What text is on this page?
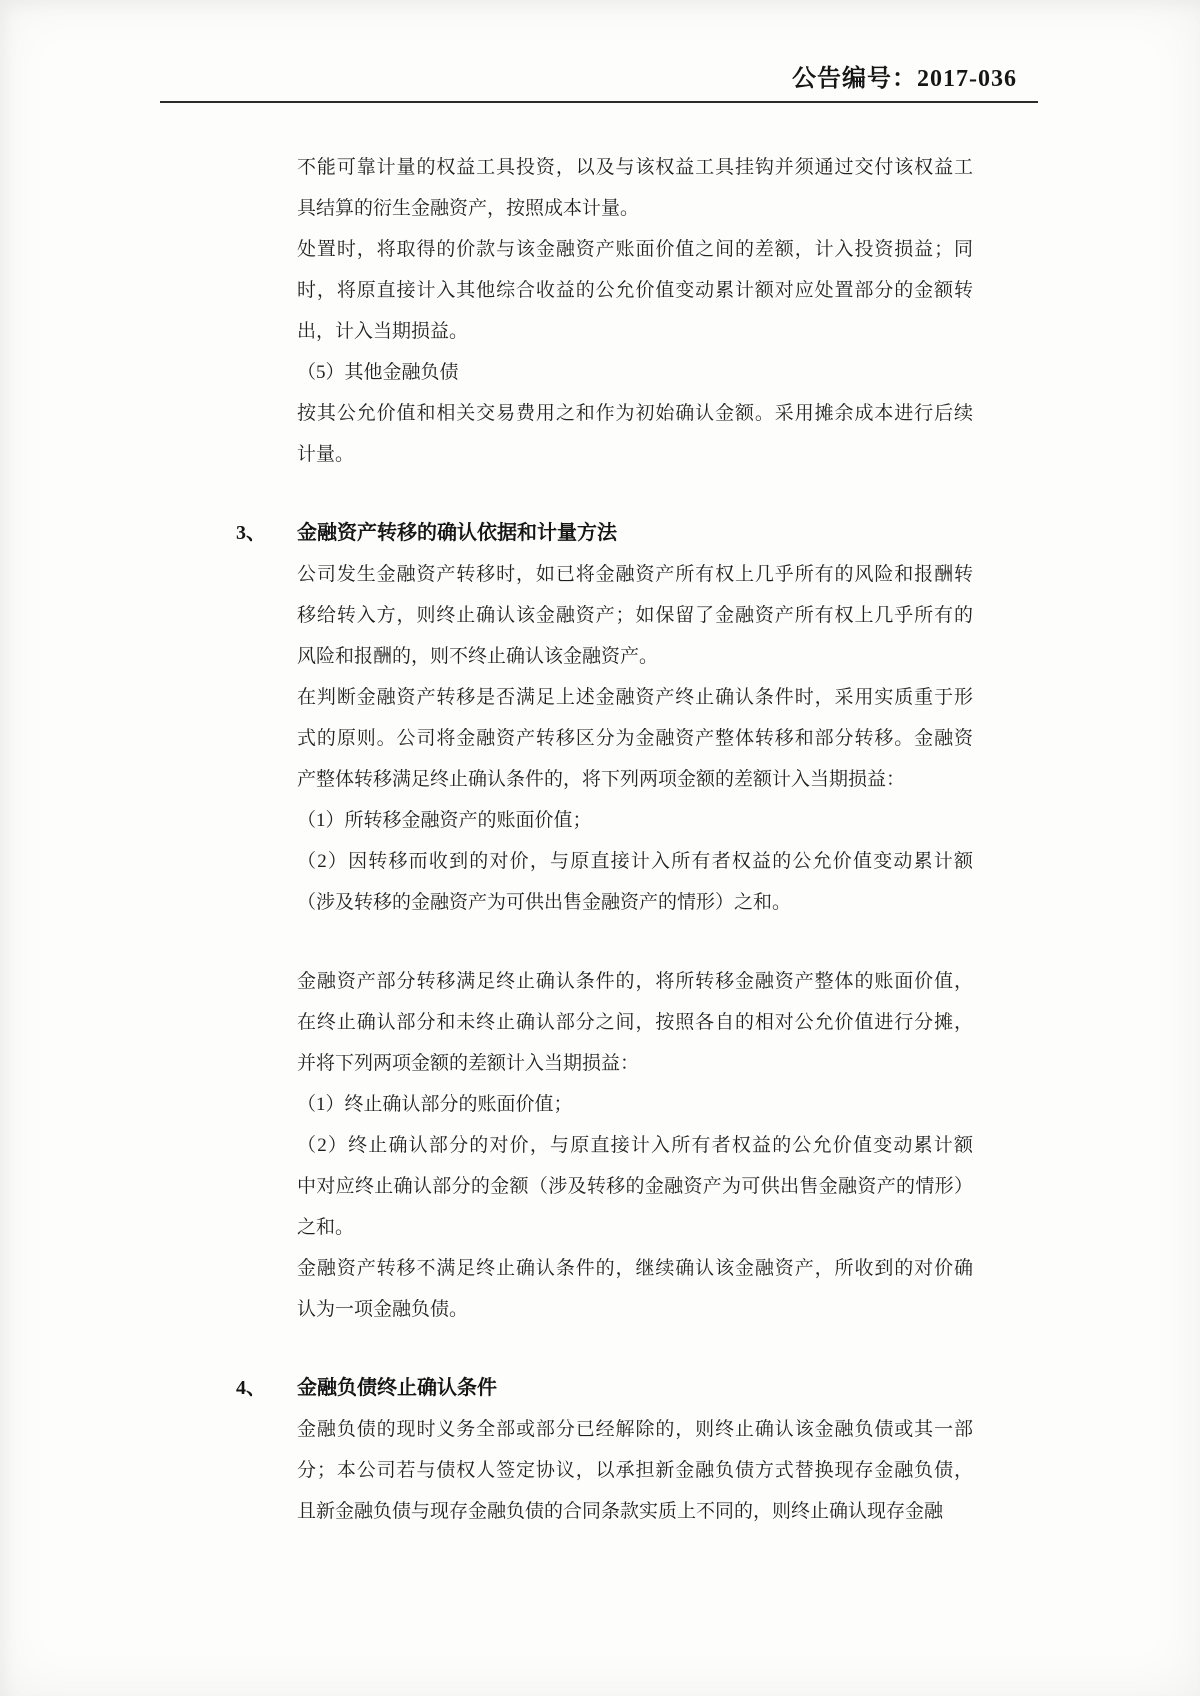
公告编号：2017-036
不能可靠计量的权益工具投资，以及与该权益工具挂钩并须通过交付该权益工
具结算的衍生金融资产，按照成本计量。
处置时，将取得的价款与该金融资产账面价值之间的差额，计入投资损益；同
时，将原直接计入其他综合收益的公允价值变动累计额对应处置部分的金额转
出，计入当期损益。
（5）其他金融负债
按其公允价值和相关交易费用之和作为初始确认金额。采用摊余成本进行后续
计量。
3、 金融资产转移的确认依据和计量方法
公司发生金融资产转移时，如已将金融资产所有权上几乎所有的风险和报酬转
移给转入方，则终止确认该金融资产；如保留了金融资产所有权上几乎所有的
风险和报酬的，则不终止确认该金融资产。
在判断金融资产转移是否满足上述金融资产终止确认条件时，采用实质重于形
式的原则。公司将金融资产转移区分为金融资产整体转移和部分转移。金融资
产整体转移满足终止确认条件的，将下列两项金额的差额计入当期损益：
（1）所转移金融资产的账面价值；
（2）因转移而收到的对价，与原直接计入所有者权益的公允价值变动累计额
（涉及转移的金融资产为可供出售金融资产的情形）之和。
金融资产部分转移满足终止确认条件的，将所转移金融资产整体的账面价值，
在终止确认部分和未终止确认部分之间，按照各自的相对公允价值进行分摊，
并将下列两项金额的差额计入当期损益：
（1）终止确认部分的账面价值；
（2）终止确认部分的对价，与原直接计入所有者权益的公允价值变动累计额
中对应终止确认部分的金额（涉及转移的金融资产为可供出售金融资产的情形）
之和。
金融资产转移不满足终止确认条件的，继续确认该金融资产，所收到的对价确
认为一项金融负债。
4、 金融负债终止确认条件
金融负债的现时义务全部或部分已经解除的，则终止确认该金融负债或其一部
分；本公司若与债权人签定协议，以承担新金融负债方式替换现存金融负债，
且新金融负债与现存金融负债的合同条款实质上不同的，则终止确认现存金融
